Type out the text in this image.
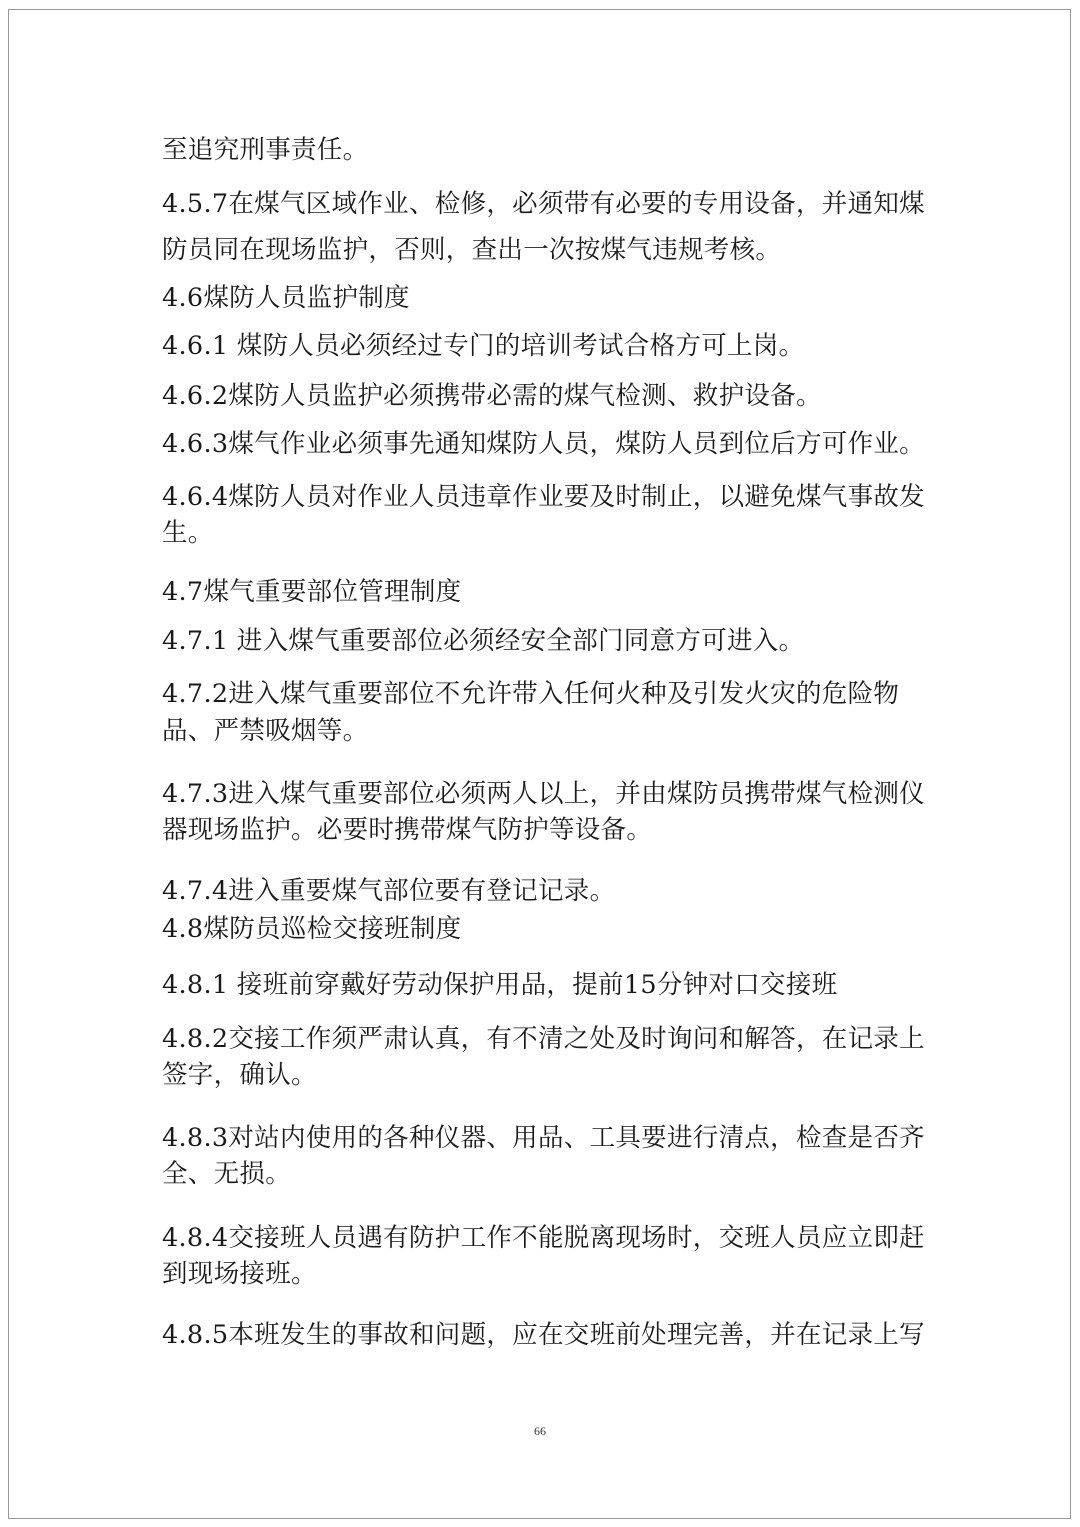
至追究刑事责任。
4.5.7在煤气区域作业、检修，必须带有必要的专用设备，并通知煤
防员同在现场监护，否则，查出一次按煤气违规考核。
4.6煤防人员监护制度
4.6.1 煤防人员必须经过专门的培训考试合格方可上岗。
4.6.2煤防人员监护必须携带必需的煤气检测、救护设备。
4.6.3煤气作业必须事先通知煤防人员，煤防人员到位后方可作业。
4.6.4煤防人员对作业人员违章作业要及时制止，以避免煤气事故发
生。
4.7煤气重要部位管理制度
4.7.1 进入煤气重要部位必须经安全部门同意方可进入。
4.7.2进入煤气重要部位不允许带入任何火种及引发火灾的危险物
品、严禁吸烟等。
4.7.3进入煤气重要部位必须两人以上，并由煤防员携带煤气检测仪
器现场监护。必要时携带煤气防护等设备。
4.7.4进入重要煤气部位要有登记记录。
4.8煤防员巡检交接班制度
4.8.1 接班前穿戴好劳动保护用品，提前15分钟对口交接班
4.8.2交接工作须严肃认真，有不清之处及时询问和解答，在记录上
签字，确认。
4.8.3对站内使用的各种仪器、用品、工具要进行清点，检查是否齐
全、无损。
4.8.4交接班人员遇有防护工作不能脱离现场时，交班人员应立即赶
到现场接班。
4.8.5本班发生的事故和问题，应在交班前处理完善，并在记录上写
66
